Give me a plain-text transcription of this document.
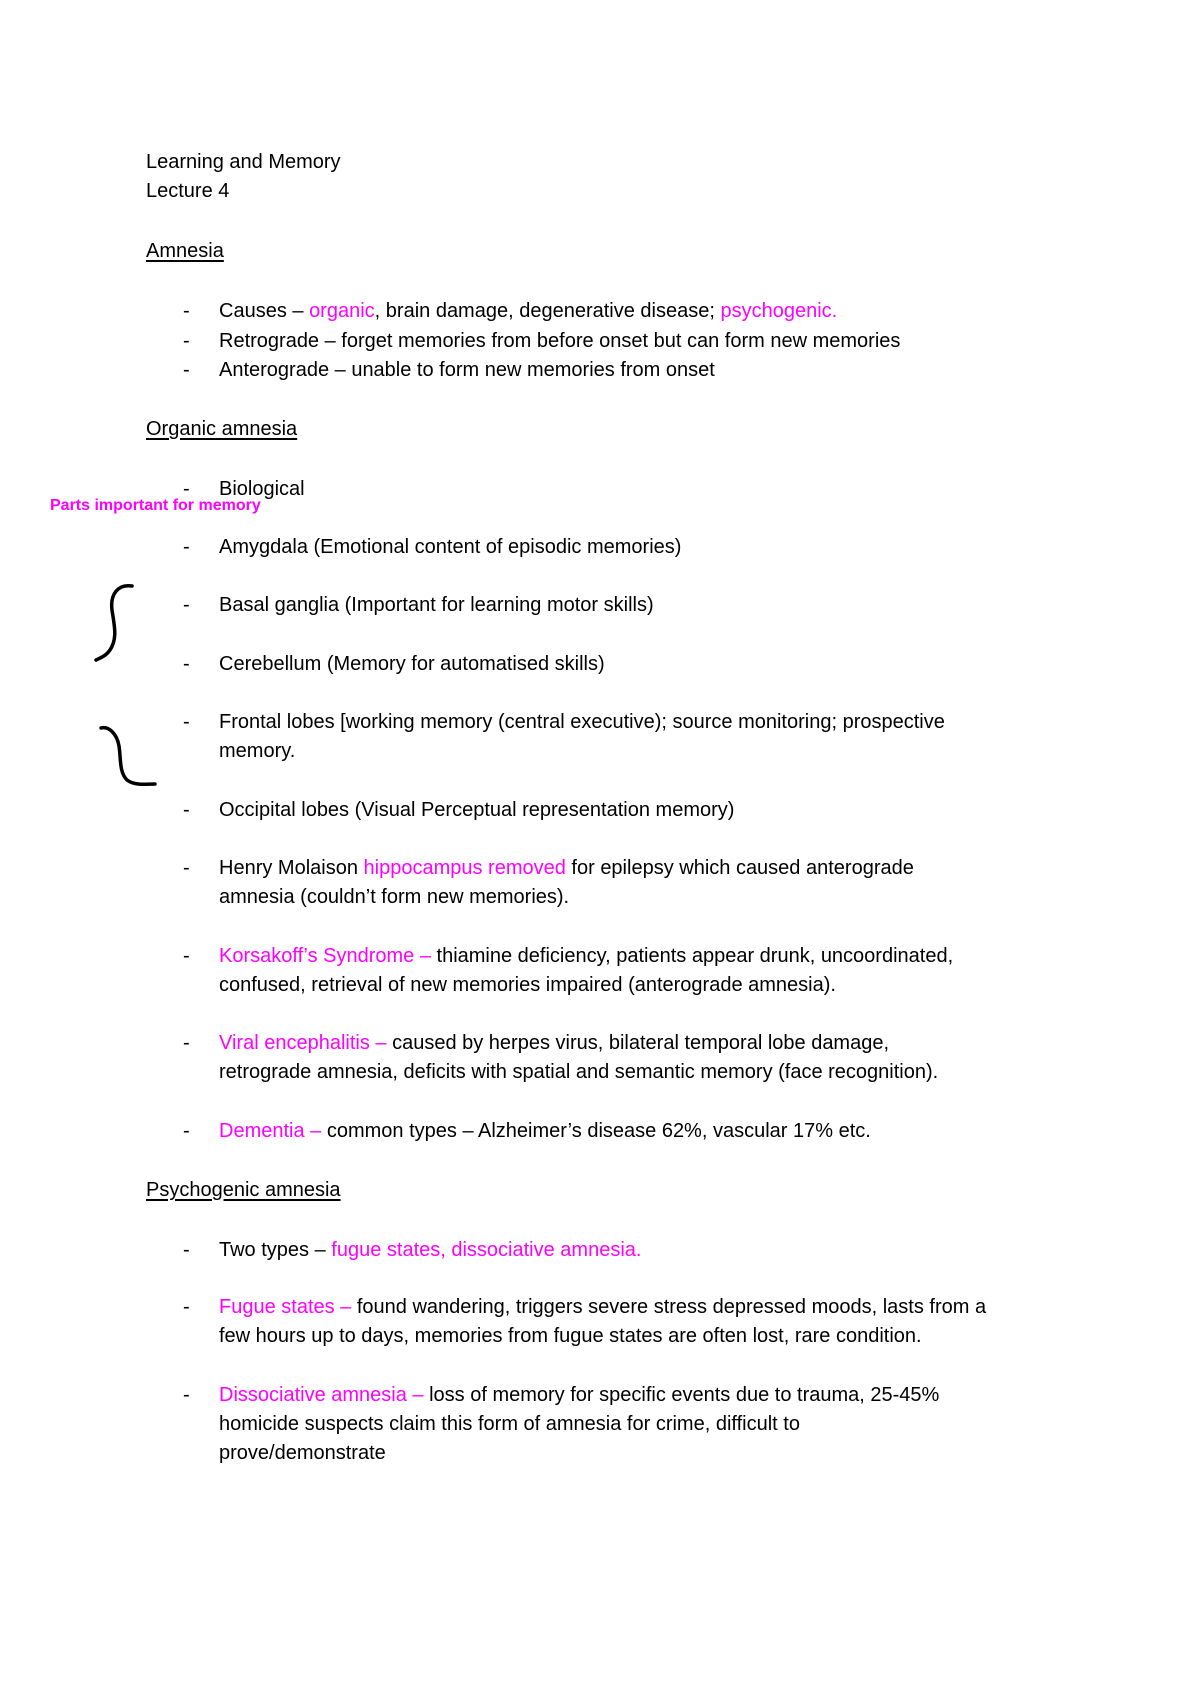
Learning and Memory
Lecture 4
Amnesia
- Causes – organic, brain damage, degenerative disease; psychogenic.
- Retrograde – forget memories from before onset but can form new memories
- Anterograde – unable to form new memories from onset
Organic amnesia
- Biological
Parts important for memory
- Amygdala (Emotional content of episodic memories)
- Basal ganglia (Important for learning motor skills)
- Cerebellum (Memory for automatised skills)
- Frontal lobes [working memory (central executive); source monitoring; prospective
memory.
- Occipital lobes (Visual Perceptual representation memory)
- Henry Molaison hippocampus removed for epilepsy which caused anterograde
amnesia (couldn’t form new memories).
- Korsakoff’s Syndrome – thiamine deficiency, patients appear drunk, uncoordinated,
confused, retrieval of new memories impaired (anterograde amnesia).
- Viral encephalitis – caused by herpes virus, bilateral temporal lobe damage,
retrograde amnesia, deficits with spatial and semantic memory (face recognition).
- Dementia – common types – Alzheimer’s disease 62%, vascular 17% etc.
Psychogenic amnesia
- Two types – fugue states, dissociative amnesia.
- Fugue states – found wandering, triggers severe stress depressed moods, lasts from a
few hours up to days, memories from fugue states are often lost, rare condition.
- Dissociative amnesia – loss of memory for specific events due to trauma, 25-45%
homicide suspects claim this form of amnesia for crime, difficult to
prove/demonstrate
